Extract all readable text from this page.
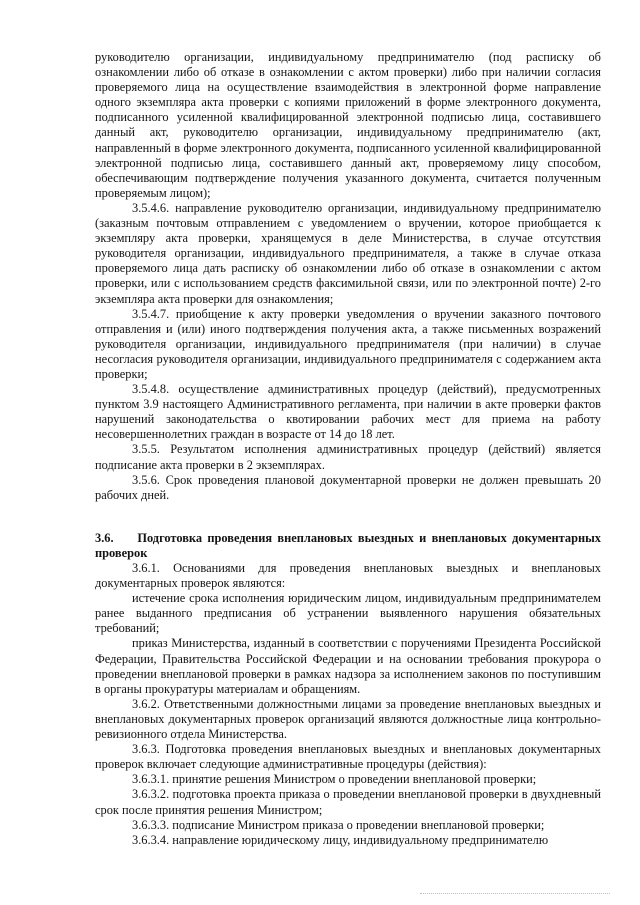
руководителю организации, индивидуальному предпринимателю (под расписку об ознакомлении либо об отказе в ознакомлении с актом проверки) либо при наличии согласия проверяемого лица на осуществление взаимодействия в электронной форме направление одного экземпляра акта проверки с копиями приложений в форме электронного документа, подписанного усиленной квалифицированной электронной подписью лица, составившего данный акт, руководителю организации, индивидуальному предпринимателю (акт, направленный в форме электронного документа, подписанного усиленной квалифицированной электронной подписью лица, составившего данный акт, проверяемому лицу способом, обеспечивающим подтверждение получения указанного документа, считается полученным проверяемым лицом);

3.5.4.6. направление руководителю организации, индивидуальному предпринимателю (заказным почтовым отправлением с уведомлением о вручении, которое приобщается к экземпляру акта проверки, хранящемуся в деле Министерства, в случае отсутствия руководителя организации, индивидуального предпринимателя, а также в случае отказа проверяемого лица дать расписку об ознакомлении либо об отказе в ознакомлении с актом проверки, или с использованием средств факсимильной связи, или по электронной почте) 2-го экземпляра акта проверки для ознакомления;

3.5.4.7. приобщение к акту проверки уведомления о вручении заказного почтового отправления и (или) иного подтверждения получения акта, а также письменных возражений руководителя организации, индивидуального предпринимателя (при наличии) в случае несогласия руководителя организации, индивидуального предпринимателя с содержанием акта проверки;

3.5.4.8. осуществление административных процедур (действий), предусмотренных пунктом 3.9 настоящего Административного регламента, при наличии в акте проверки фактов нарушений законодательства о квотировании рабочих мест для приема на работу несовершеннолетних граждан в возрасте от 14 до 18 лет.

3.5.5. Результатом исполнения административных процедур (действий) является подписание акта проверки в 2 экземплярах.

3.5.6. Срок проведения плановой документарной проверки не должен превышать 20 рабочих дней.

3.6. Подготовка проведения внеплановых выездных и внеплановых документарных проверок

3.6.1. Основаниями для проведения внеплановых выездных и внеплановых документарных проверок являются:

истечение срока исполнения юридическим лицом, индивидуальным предпринимателем ранее выданного предписания об устранении выявленного нарушения обязательных требований;

приказ Министерства, изданный в соответствии с поручениями Президента Российской Федерации, Правительства Российской Федерации и на основании требования прокурора о проведении внеплановой проверки в рамках надзора за исполнением законов по поступившим в органы прокуратуры материалам и обращениям.

3.6.2. Ответственными должностными лицами за проведение внеплановых выездных и внеплановых документарных проверок организаций являются должностные лица контрольно-ревизионного отдела Министерства.

3.6.3. Подготовка проведения внеплановых выездных и внеплановых документарных проверок включает следующие административные процедуры (действия):

3.6.3.1. принятие решения Министром о проведении внеплановой проверки;

3.6.3.2. подготовка проекта приказа о проведении внеплановой проверки в двухдневный срок после принятия решения Министром;

3.6.3.3. подписание Министром приказа о проведении внеплановой проверки;

3.6.3.4. направление юридическому лицу, индивидуальному предпринимателю
